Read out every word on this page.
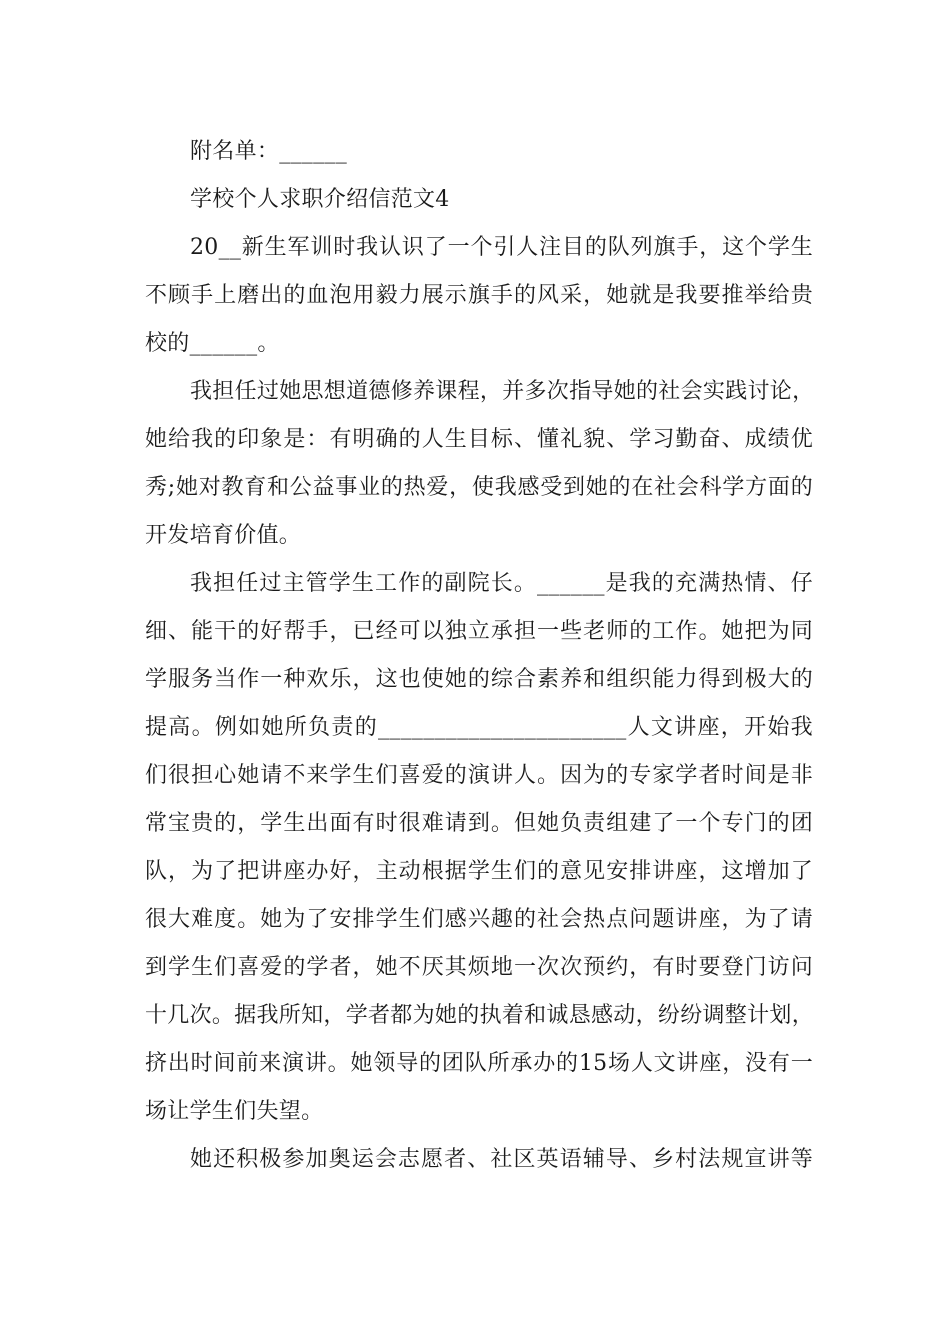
附名单：______
学校个人求职介绍信范文4
20__新生军训时我认识了一个引人注目的队列旗手，这个学生
不顾手上磨出的血泡用毅力展示旗手的风采，她就是我要推举给贵
校的______。
我担任过她思想道德修养课程，并多次指导她的社会实践讨论，
她给我的印象是：有明确的人生目标、懂礼貌、学习勤奋、成绩优
秀;她对教育和公益事业的热爱，使我感受到她的在社会科学方面的
开发培育价值。
我担任过主管学生工作的副院长。______是我的充满热情、仔
细、能干的好帮手，已经可以独立承担一些老师的工作。她把为同
学服务当作一种欢乐，这也使她的综合素养和组织能力得到极大的
提高。例如她所负责的______________________人文讲座，开始我
们很担心她请不来学生们喜爱的演讲人。因为的专家学者时间是非
常宝贵的，学生出面有时很难请到。但她负责组建了一个专门的团
队，为了把讲座办好，主动根据学生们的意见安排讲座，这增加了
很大难度。她为了安排学生们感兴趣的社会热点问题讲座，为了请
到学生们喜爱的学者，她不厌其烦地一次次预约，有时要登门访问
十几次。据我所知，学者都为她的执着和诚恳感动，纷纷调整计划，
挤出时间前来演讲。她领导的团队所承办的15场人文讲座，没有一
场让学生们失望。
她还积极参加奥运会志愿者、社区英语辅导、乡村法规宣讲等
